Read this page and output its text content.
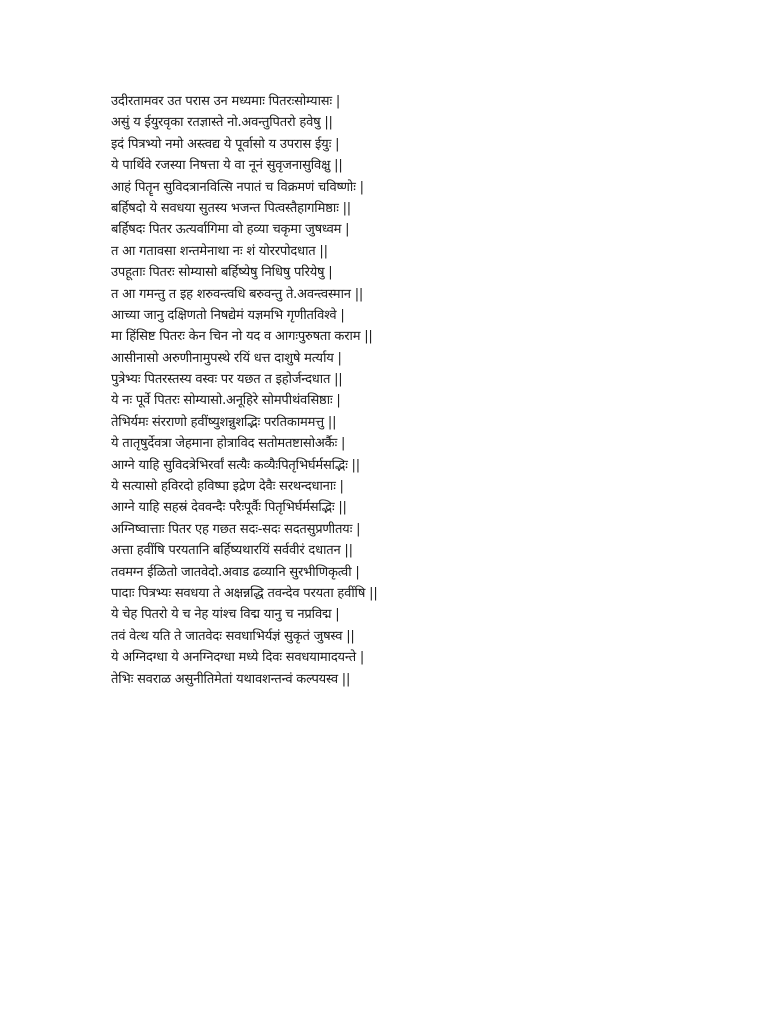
उदीरतामवर उत परास उन मध्यमाः पितरःसोम्यासः |
असुं य ईयुरवृका रतज्ञास्ते नो.अवन्तुपितरो हवेषु ||
इदं पित्रभ्यो नमो अस्त्वद्य ये पूर्वासो य उपरास ईयुः |
ये पार्थिवे रजस्या निषत्ता ये वा नूनं सुवृजनासुविक्षु ||
आहं पितॄन सुविदत्रानवित्सि नपातं च विक्रमणं चविष्णोः |
बर्हिषदो ये सवधया सुतस्य भजन्त पित्वस्तैहागमिष्ठाः ||
बर्हिषदः पितर ऊत्यर्वागिमा वो हव्या चकृमा जुषध्वम |
त आ गतावसा शन्तमेनाथा नः शं योररपोदधात ||
उपहूताः पितरः सोम्यासो बर्हिष्येषु निधिषु परियेषु |
त आ गमन्तु त इह शरुवन्त्वधि बरुवन्तु ते.अवन्त्वस्मान ||
आच्या जानु दक्षिणतो निषद्येमं यज्ञमभि गृणीतविश्वे |
मा हिंसिष्ट पितरः केन चिन नो यद व आगःपुरुषता कराम ||
आसीनासो अरुणीनामुपस्थे रयिं धत्त दाशुषे मर्त्याय |
पुत्रेभ्यः पितरस्तस्य वस्वः पर यछत त इहोर्जन्दधात ||
ये नः पूर्वे पितरः सोम्यासो.अनूहिरे सोमपीथंवसिष्ठाः |
तेभिर्यमः संरराणो हवींष्युशन्नुशद्भिः परतिकाममत्तु ||
ये तातृषुर्देवत्रा जेहमाना होत्राविद सतोमतष्टासोअर्कैः |
आग्ने याहि सुविदत्रेभिरर्वां सत्यैः कव्यैःपितृभिर्घर्मसद्भिः ||
ये सत्यासो हविरदो हविष्पा इद्रेण देवैः सरथन्दधानाः |
आग्ने याहि सहस्रं देववन्दैः परैःपूर्वैः पितृभिर्घर्मसद्भिः ||
अग्निष्वात्ताः पितर एह गछत सदः-सदः सदतसुप्रणीतयः |
अत्ता हवींषि परयतानि बर्हिष्यथारयिं सर्ववीरं दधातन ||
तवमग्न ईळितो जातवेदो.अवाड ढव्यानि सुरभीणिकृत्वी |
पादाः पित्रभ्यः सवधया ते अक्षन्नद्धि तवन्देव परयता हवींषि ||
ये चेह पितरो ये च नेह यांश्च विद्म यानु च नप्रविद्म |
तवं वेत्थ यति ते जातवेदः सवधाभिर्यज्ञं सुकृतं जुषस्व ||
ये अग्निदग्धा ये अनग्निदग्धा मध्ये दिवः सवधयामादयन्ते |
तेभिः सवराळ असुनीतिमेतां यथावशन्तन्वं कल्पयस्व ||
